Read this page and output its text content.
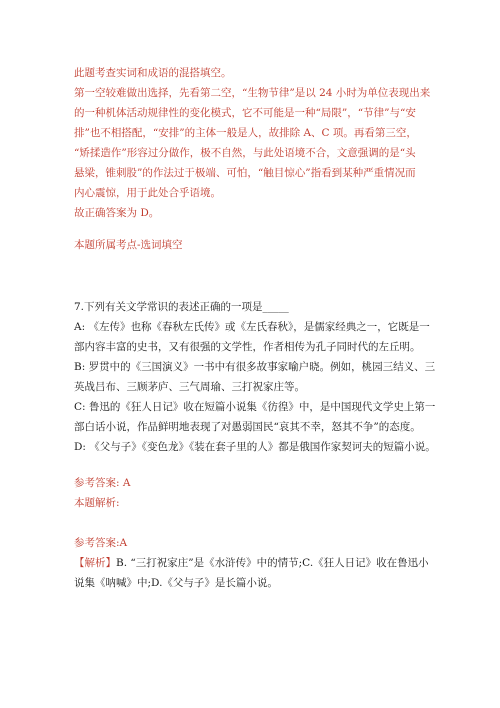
此题考查实词和成语的混搭填空。
第一空较难做出选择，先看第二空，“生物节律”是以 24 小时为单位表现出来
的一种机体活动规律性的变化模式，它不可能是一种“局限”，“节律”与“安
排”也不相搭配，“安排”的主体一般是人，故排除 A、C 项。再看第三空，
“矫揉造作”形容过分做作，极不自然，与此处语境不合，文意强调的是“头
悬梁，锥刺股”的作法过于极端、可怕，“触目惊心”指看到某种严重情况而
内心震惊，用于此处合乎语境。
故正确答案为 D。
本题所属考点-选词填空
7.下列有关文学常识的表述正确的一项是_____
A: 《左传》也称《春秋左氏传》或《左氏春秋》，是儒家经典之一，它既是一
部内容丰富的史书，又有很强的文学性，作者相传为孔子同时代的左丘明。
B: 罗贯中的《三国演义》一书中有很多故事家喻户晓。例如，桃园三结义、三
英战吕布、三顾茅庐、三气周瑜、三打祝家庄等。
C: 鲁迅的《狂人日记》收在短篇小说集《彷徨》中，是中国现代文学史上第一
部白话小说，作品鲜明地表现了对愚弱国民“哀其不幸，怒其不争”的态度。
D: 《父与子》《变色龙》《装在套子里的人》都是俄国作家契诃夫的短篇小说。
参考答案: A
本题解析:
参考答案:A
【解析】B. “三打祝家庄”是《水浒传》中的情节;C.《狂人日记》收在鲁迅小
说集《呐喊》中;D.《父与子》是长篇小说。
